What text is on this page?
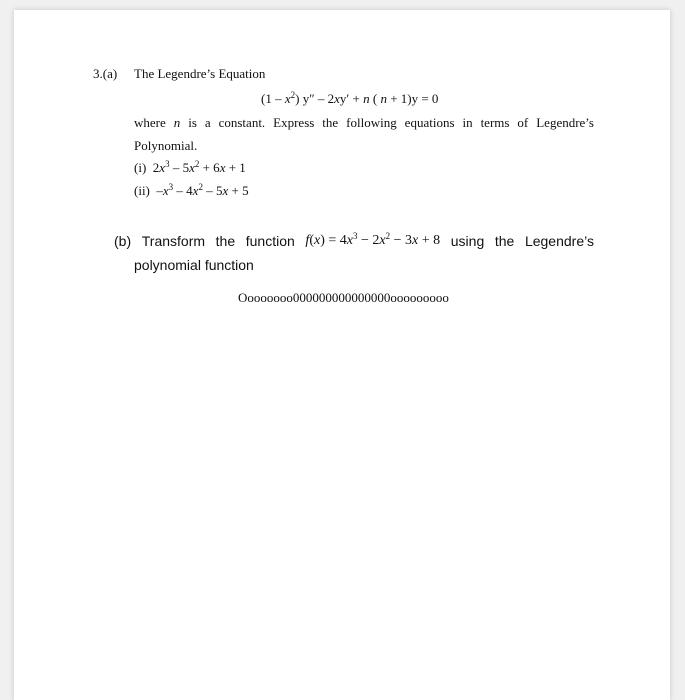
3.(a) The Legendre’s Equation
$(1 - x^2)$ y″ – 2xy′ + n ( n + 1)y = 0
where n is a constant. Express the following equations in terms of Legendre’s
Polynomial.
(i) $2x^3 - 5x^2 + 6x + 1$
(ii) $-x^3 - 4x^2 - 5x + 5$
(b) Transform the function $f(x) = 4x^3 - 2x^2 - 3x + 8$ using the Legendre’s
polynomial function
Oooooooo000000000000000ooooooooo
